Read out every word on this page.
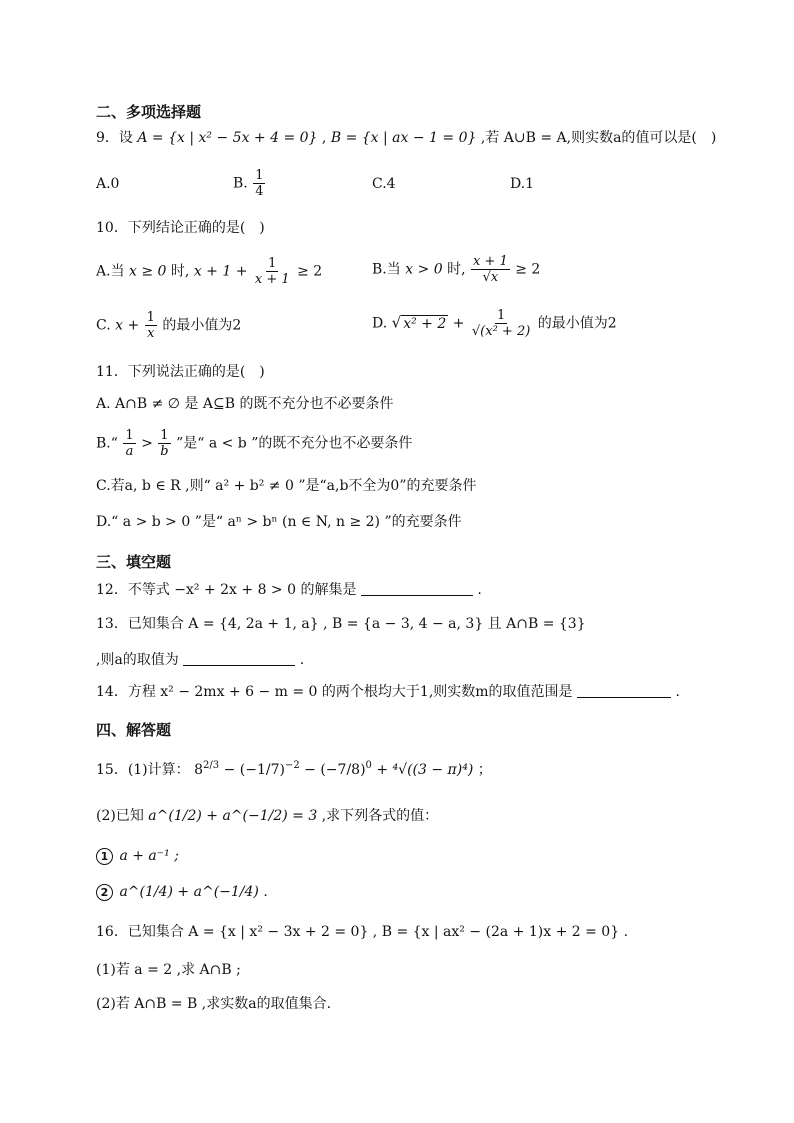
二、多项选择题
9．设 A = {x | x² − 5x + 4 = 0} , B = {x | ax − 1 = 0} ,若 A∪B = A,则实数a的值可以是(　)
A.0	B. $\frac{1}{4}$	C.4	D.1
10．下列结论正确的是(　)
A.当 x ≥ 0 时, $x + 1 + \frac{1}{x + 1} \ge 2$	B.当 x > 0 时, $\frac{x + 1}{√x} \ge 2$
C. $x + \frac{1}{x}$ 的最小值为2	D. √ $x^2 + 2 + \frac{1}{\text{√(x² + 2)}}$ 的最小值为2
11．下列说法正确的是(　)
A. A∩B ≠ ∅ 是 A⊆B 的既不充分也不必要条件
B.“ $\frac{1}{a} > \frac{1}{b}$ ”是“ a < b ”的既不充分也不必要条件
C.若a, b ∈ R ,则“ a² + b² ≠ 0 ”是“a,b不全为0”的充要条件
D.“ a > b > 0 ”是“ aⁿ > bⁿ (n ∈ N, n ≥ 2) ”的充要条件
三、填空题
12．不等式 −x² + 2x + 8 > 0 的解集是	.
13．已知集合 A = {4, 2a + 1, a} , B = {a − 3, 4 − a, 3} 且 A∩B = {3}
,则a的取值为	.
14．方程 x² − 2mx + 6 − m = 0 的两个根均大于1,则实数m的取值范围是	.
四、解答题
15．(1)计算： $8^{2/3} - (-1/7)^{-2} - (-7/8)^0 + ^4√((3 - \pi)^4)$ ；
(2)已知 a^(1/2) + a^(−1/2) = 3 ,求下列各式的值：
1 a + a⁻¹ ;
2 a^(1/4) + a^(−1/4) .
16．已知集合 A = {x | x² − 3x + 2 = 0} , B = {x | ax² − (2a + 1)x + 2 = 0} .
(1)若 a = 2 ,求 A∩B ;
(2)若 A∩B = B ,求实数a的取值集合.
